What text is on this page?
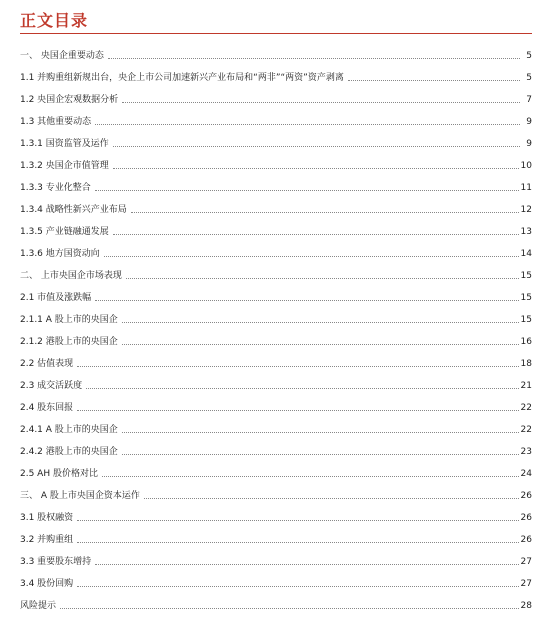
正文目录
一、 央国企重要动态	5
1.1 并购重组新规出台，央企上市公司加速新兴产业布局和“两非”“两资”资产剥离	5
1.2 央国企宏观数据分析	7
1.3 其他重要动态	9
1.3.1 国资监管及运作	9
1.3.2 央国企市值管理	10
1.3.3 专业化整合	11
1.3.4 战略性新兴产业布局	12
1.3.5 产业链融通发展	13
1.3.6 地方国资动向	14
二、 上市央国企市场表现	15
2.1 市值及涨跌幅	15
2.1.1 A 股上市的央国企	15
2.1.2 港股上市的央国企	16
2.2 估值表现	18
2.3 成交活跃度	21
2.4 股东回报	22
2.4.1 A 股上市的央国企	22
2.4.2 港股上市的央国企	23
2.5 AH 股价格对比	24
三、 A 股上市央国企资本运作	26
3.1 股权融资	26
3.2 并购重组	26
3.3 重要股东增持	27
3.4 股份回购	27
风险提示	28
